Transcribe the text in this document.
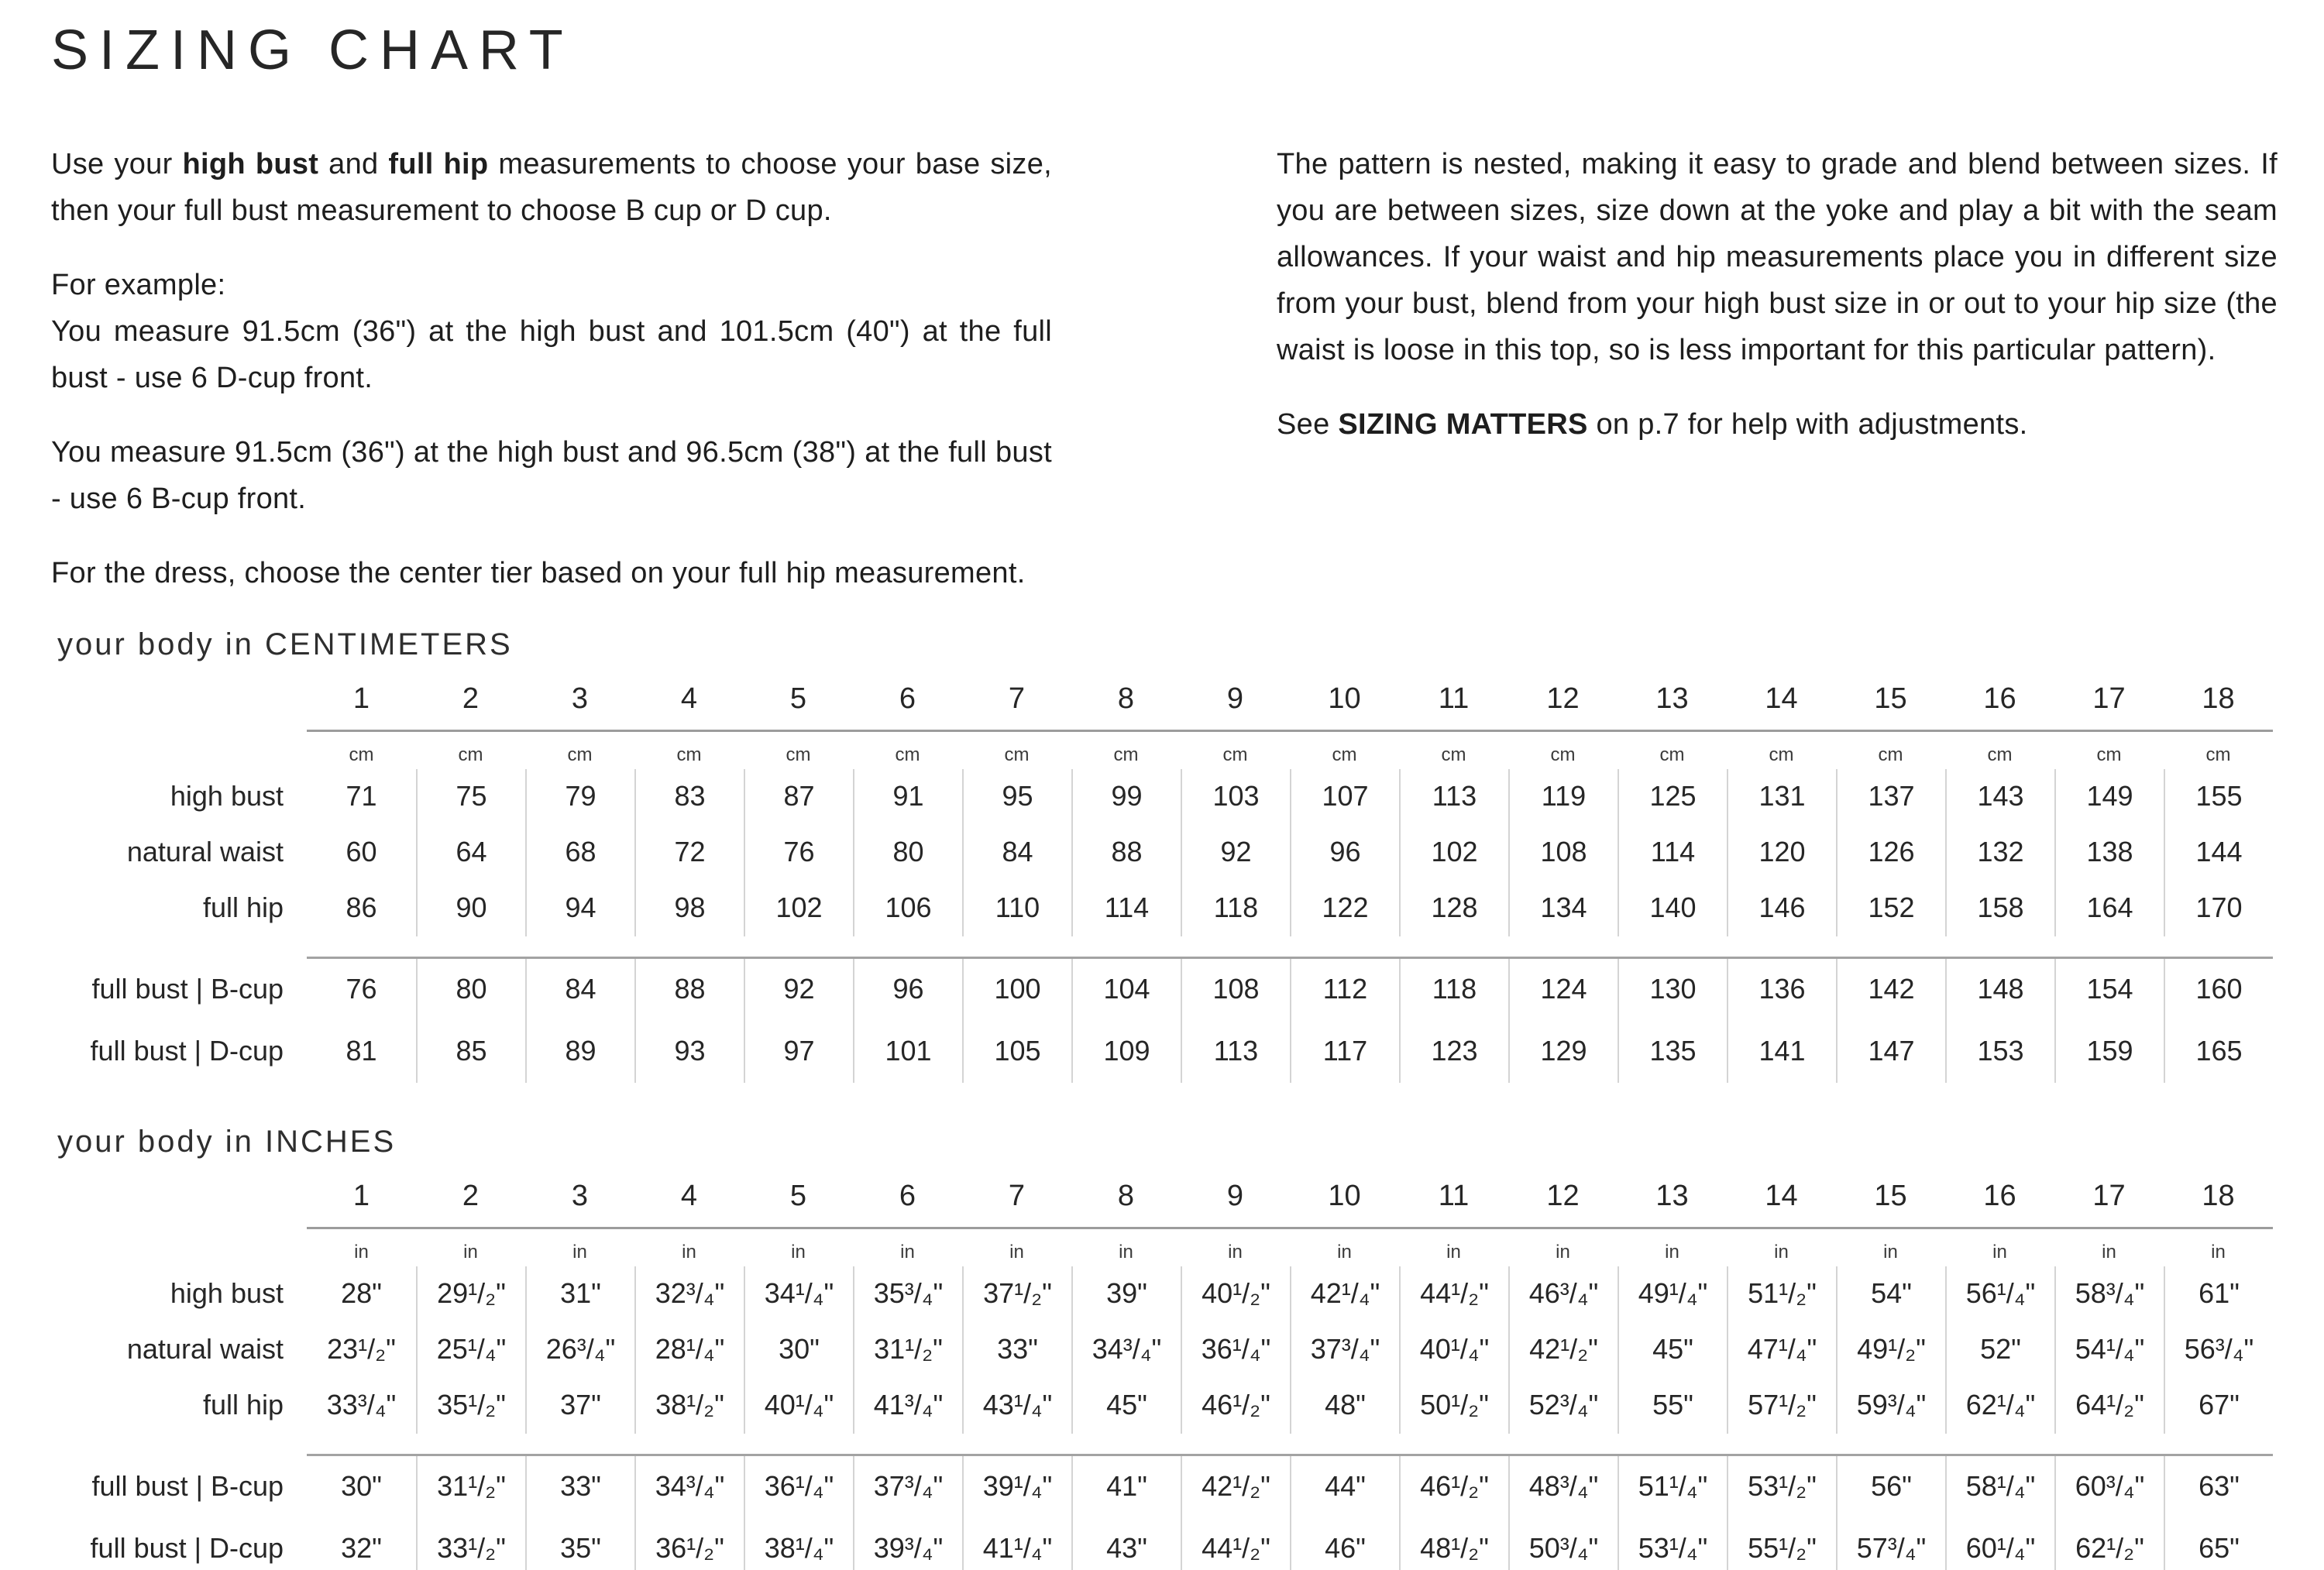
SIZING CHART

Use your high bust and full hip measurements to choose your base size, then your full bust measurement to choose B cup or D cup.

For example:
You measure 91.5cm (36") at the high bust and 101.5cm (40") at the full bust - use 6 D-cup front.

You measure 91.5cm (36") at the high bust and 96.5cm (38") at the full bust - use 6 B-cup front.

For the dress, choose the center tier based on your full hip measurement.

The pattern is nested, making it easy to grade and blend between sizes. If you are between sizes, size down at the yoke and play a bit with the seam allowances. If your waist and hip measurements place you in different size from your bust, blend from your high bust size in or out to your hip size (the waist is loose in this top, so is less important for this particular pattern).

See SIZING MATTERS on p.7 for help with adjustments.

your body in CENTIMETERS
1	2	3	4	5	6	7	8	9	10	11	12	13	14	15	16	17	18
cm	cm	cm	cm	cm	cm	cm	cm	cm	cm	cm	cm	cm	cm	cm	cm	cm	cm
high bust	71	75	79	83	87	91	95	99	103	107	113	119	125	131	137	143	149	155
natural waist	60	64	68	72	76	80	84	88	92	96	102	108	114	120	126	132	138	144
full hip	86	90	94	98	102	106	110	114	118	122	128	134	140	146	152	158	164	170
full bust | B-cup	76	80	84	88	92	96	100	104	108	112	118	124	130	136	142	148	154	160
full bust | D-cup	81	85	89	93	97	101	105	109	113	117	123	129	135	141	147	153	159	165
your body in INCHES
1	2	3	4	5	6	7	8	9	10	11	12	13	14	15	16	17	18
in	in	in	in	in	in	in	in	in	in	in	in	in	in	in	in	in	in
high bust	28"	29¹/₂"	31"	32³/₄"	34¹/₄"	35³/₄"	37¹/₂"	39"	40¹/₂"	42¹/₄"	44¹/₂"	46³/₄"	49¹/₄"	51¹/₂"	54"	56¹/₄"	58³/₄"	61"
natural waist	23¹/₂"	25¹/₄"	26³/₄"	28¹/₄"	30"	31¹/₂"	33"	34³/₄"	36¹/₄"	37³/₄"	40¹/₄"	42¹/₂"	45"	47¹/₄"	49¹/₂"	52"	54¹/₄"	56³/₄"
full hip	33³/₄"	35¹/₂"	37"	38¹/₂"	40¹/₄"	41³/₄"	43¹/₄"	45"	46¹/₂"	48"	50¹/₂"	52³/₄"	55"	57¹/₂"	59³/₄"	62¹/₄"	64¹/₂"	67"
full bust | B-cup	30"	31¹/₂"	33"	34³/₄"	36¹/₄"	37³/₄"	39¹/₄"	41"	42¹/₂"	44"	46¹/₂"	48³/₄"	51¹/₄"	53¹/₂"	56"	58¹/₄"	60³/₄"	63"
full bust | D-cup	32"	33¹/₂"	35"	36¹/₂"	38¹/₄"	39³/₄"	41¹/₄"	43"	44¹/₂"	46"	48¹/₂"	50³/₄"	53¹/₄"	55¹/₂"	57³/₄"	60¹/₄"	62¹/₂"	65"
